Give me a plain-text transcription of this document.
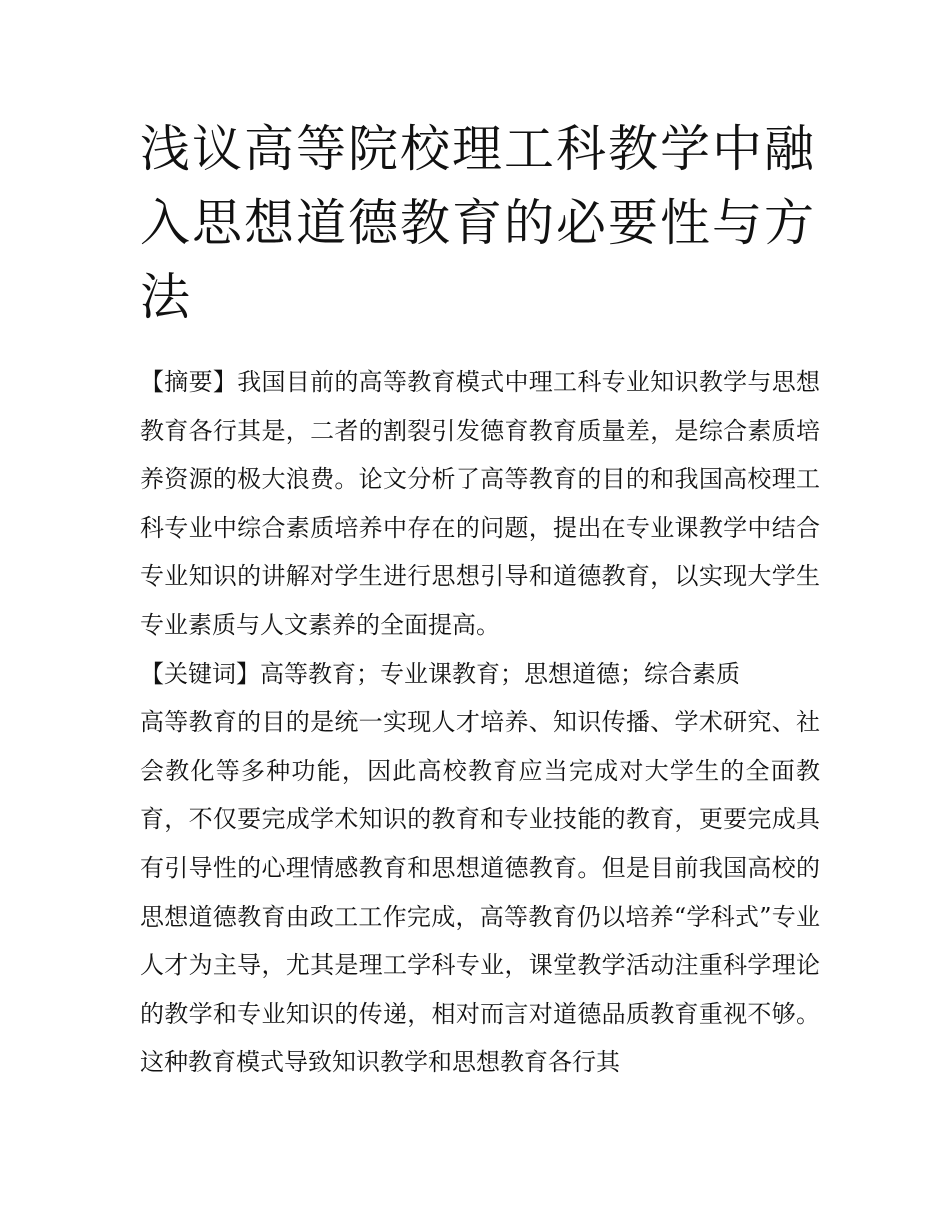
浅议高等院校理工科教学中融入思想道德教育的必要性与方法

【摘要】我国目前的高等教育模式中理工科专业知识教学与思想教育各行其是，二者的割裂引发德育教育质量差，是综合素质培养资源的极大浪费。论文分析了高等教育的目的和我国高校理工科专业中综合素质培养中存在的问题，提出在专业课教学中结合专业知识的讲解对学生进行思想引导和道德教育，以实现大学生专业素质与人文素养的全面提高。

【关键词】高等教育；专业课教育；思想道德；综合素质

高等教育的目的是统一实现人才培养、知识传播、学术研究、社会教化等多种功能，因此高校教育应当完成对大学生的全面教育，不仅要完成学术知识的教育和专业技能的教育，更要完成具有引导性的心理情感教育和思想道德教育。但是目前我国高校的思想道德教育由政工工作完成，高等教育仍以培养“学科式”专业人才为主导，尤其是理工学科专业，课堂教学活动注重科学理论的教学和专业知识的传递，相对而言对道德品质教育重视不够。这种教育模式导致知识教学和思想教育各行其
